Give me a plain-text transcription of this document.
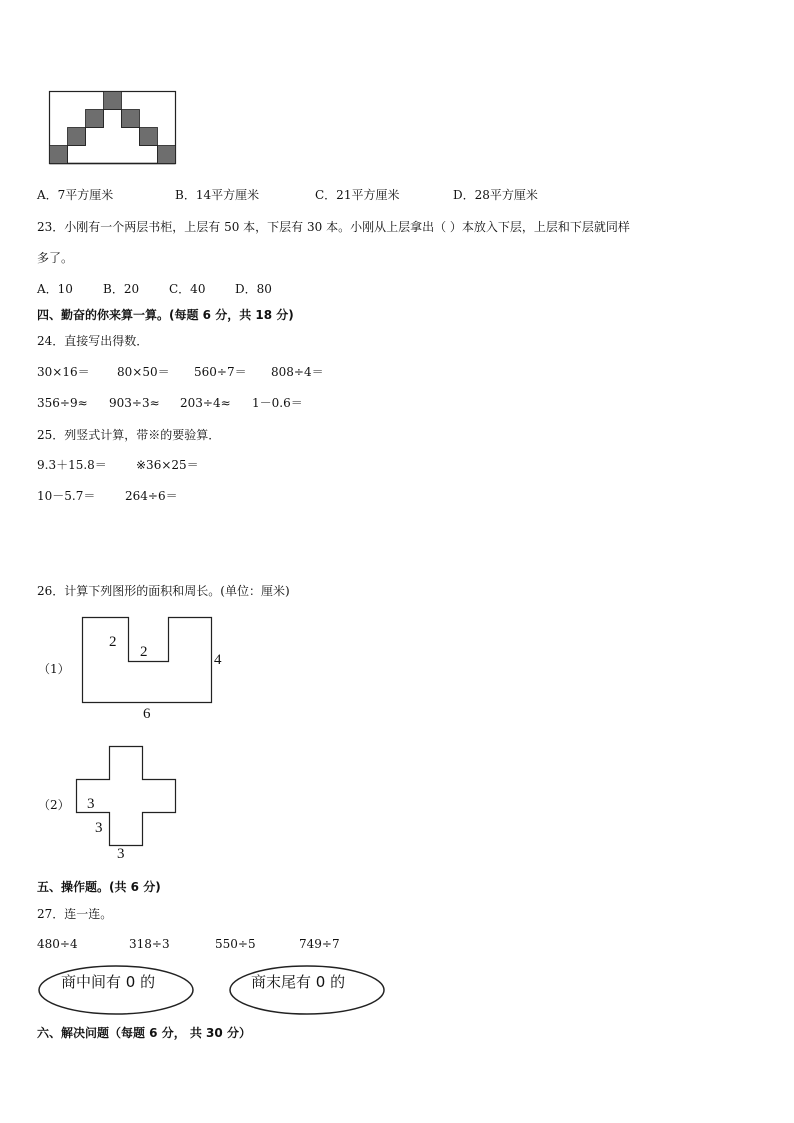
A．7平方厘米	B．14平方厘米	C．21平方厘米	D．28平方厘米
23．小刚有一个两层书柜，上层有 50 本，下层有 30 本。小刚从上层拿出（ ）本放入下层，上层和下层就同样
多了。
A．10	B．20 C．40 D．80
四、勤奋的你来算一算。(每题 6 分，共 18 分)
24．直接写出得数．
30×16＝ 80×50＝ 560÷7＝ 808÷4＝
356÷9≈ 903÷3≈ 203÷4≈ 1－0.6＝
25．列竖式计算，带※的要验算．
9.3＋15.8＝ ※36×25＝
10－5.7＝ 264÷6＝
26．计算下列图形的面积和周长。(单位：厘米)
（1）
2
2	4
6
（2） 3
3
3
五、操作题。(共 6 分)
27．连一连。
480÷4	318÷3	550÷5	749÷7
商中间有 0 的	商末尾有 0 的
六、解决问题（每题 6 分， 共 30 分）
